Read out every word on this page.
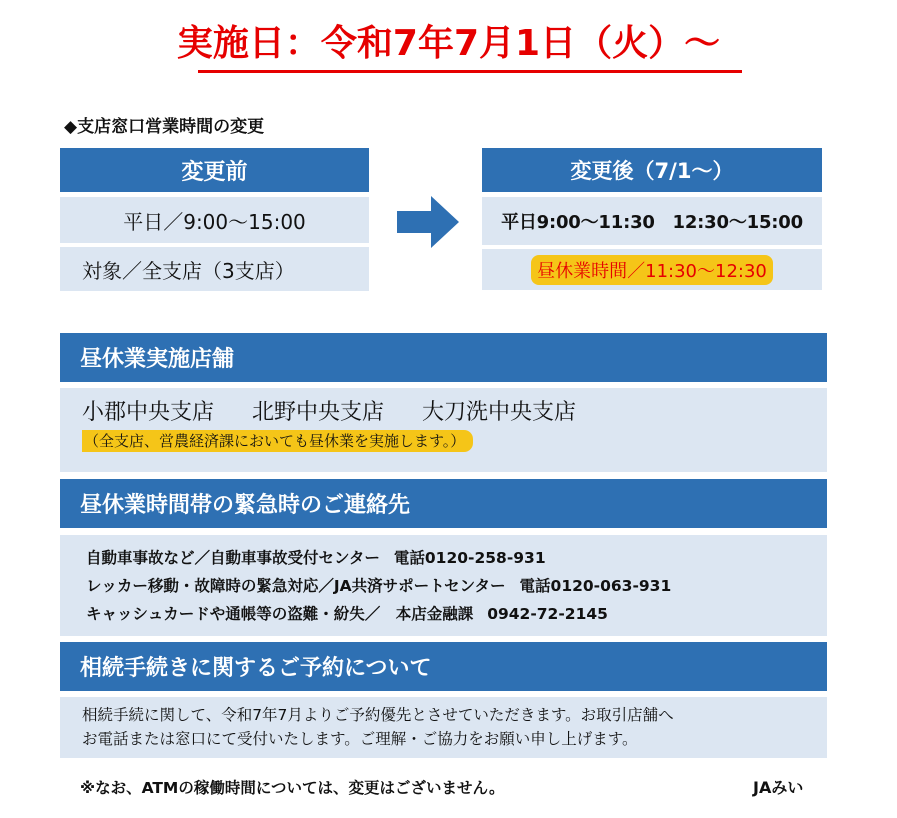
実施日：令和7年7月1日（火）～
◆支店窓口営業時間の変更
変更前
平日／9:00～15:00
対象／全支店（3支店）
変更後（7/1～）
平日9:00～11:30　12:30～15:00
昼休業時間／11:30～12:30
昼休業実施店舗
小郡中央支店 北野中央支店 大刀洗中央支店
（全支店、営農経済課においても昼休業を実施します。）
昼休業時間帯の緊急時のご連絡先
自動車事故など／自動車事故受付センター 電話0120-258-931
レッカー移動・故障時の緊急対応／JA共済サポートセンター 電話0120-063-931
キャッシュカードや通帳等の盗難・紛失／　本店金融課 0942-72-2145
相続手続きに関するご予約について
相続手続に関して、令和7年7月よりご予約優先とさせていただきます。お取引店舗へ
お電話または窓口にて受付いたします。ご理解・ご協力をお願い申し上げます。
※なお、ATMの稼働時間については、変更はございません。	JAみい
